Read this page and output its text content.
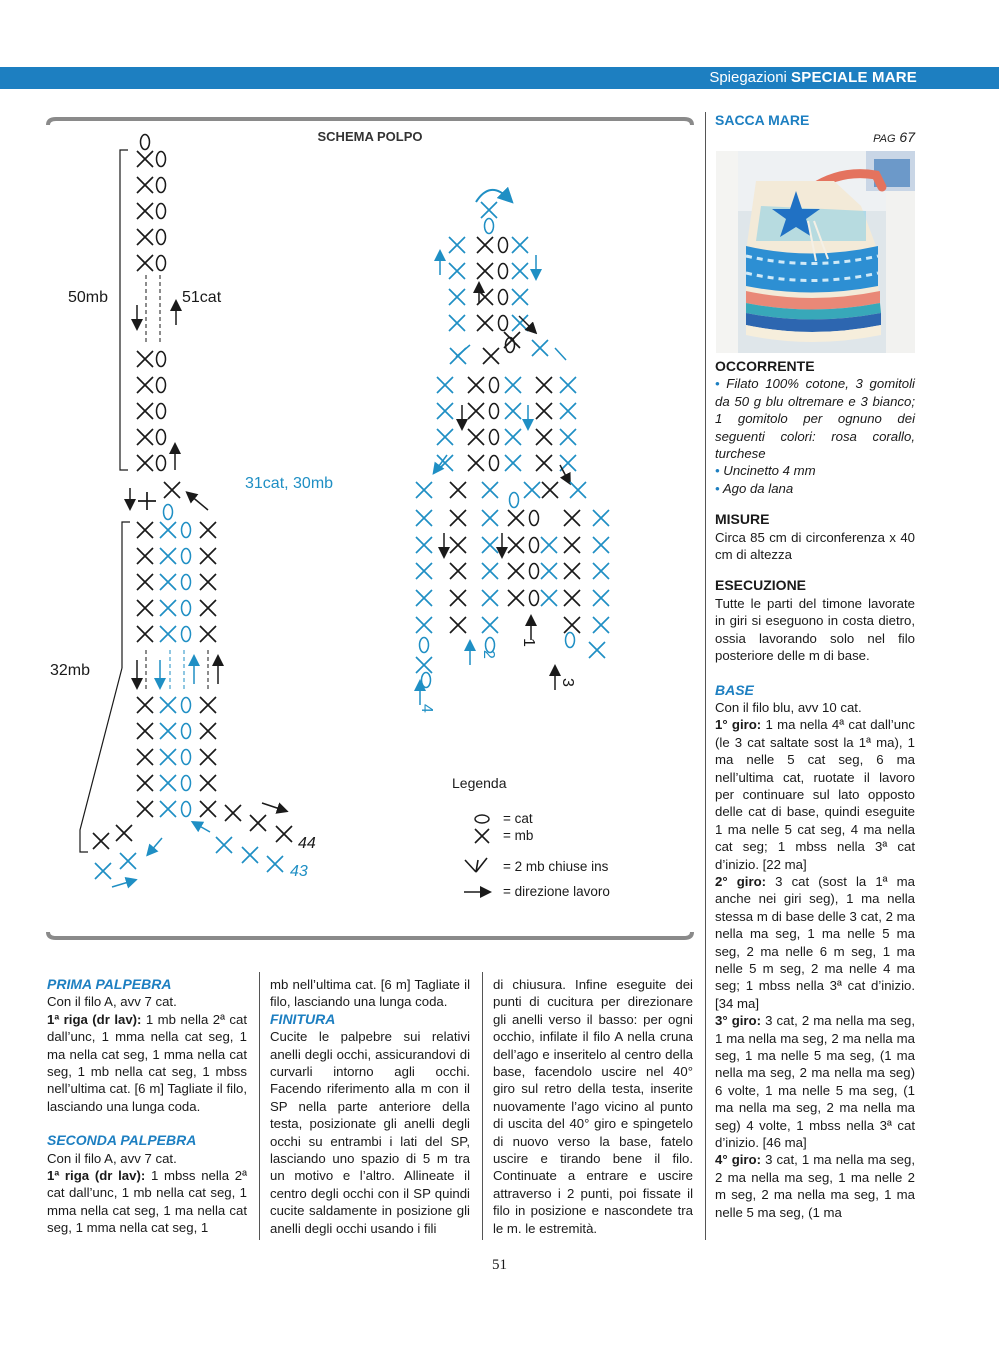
Spiegazioni SPECIALE MARE
SCHEMA POLPO
50mb	51cat
31cat, 30mb
32mb
44
43
1
2
3
4
Legenda
= cat
= mb
= 2 mb chiuse ins
= direzione lavoro

SACCA MARE

PAG 67

OCCORRENTE

• Filato 100% cotone, 3 gomitoli da 50 g blu oltremare e 3 bianco; 1 gomitolo per ognuno dei seguenti colori: rosa corallo, turchese

• Uncinetto 4 mm

• Ago da lana

MISURE

Circa 85 cm di circonferenza x 40 cm di altezza

ESECUZIONE

Tutte le parti del timone lavorate in giri si eseguono in costa dietro, ossia lavorando solo nel filo posteriore delle m di base.

BASE

Con il filo blu, avv 10 cat.

1° giro: 1 ma nella 4ª cat dall’unc (le 3 cat saltate sost la 1ª ma), 1 ma nelle 5 cat seg, 6 ma nell’ultima cat, ruotate il lavoro per continuare sul lato opposto delle cat di base, quindi eseguite 1 ma nelle 5 cat seg, 4 ma nella cat seg; 1 mbss nella 3ª cat d’inizio. [22 ma]

2° giro: 3 cat (sost la 1ª ma anche nei giri seg), 1 ma nella stessa m di base delle 3 cat, 2 ma nella ma seg, 1 ma nelle 5 ma seg, 2 ma nelle 6 m seg, 1 ma nelle 5 m seg, 2 ma nelle 4 ma seg; 1 mbss nella 3ª cat d’inizio. [34 ma]

3° giro: 3 cat, 2 ma nella ma seg, 1 ma nella ma seg, 2 ma nella ma seg, 1 ma nelle 5 ma seg, (1 ma nella ma seg, 2 ma nella ma seg) 6 volte, 1 ma nelle 5 ma seg, (1 ma nella ma seg, 2 ma nella ma seg) 4 volte, 1 mbss nella 3ª cat d’inizio. [46 ma]

4° giro: 3 cat, 1 ma nella ma seg, 2 ma nella ma seg, 1 ma nelle 2 m seg, 2 ma nella ma seg, 1 ma nelle 5 ma seg, (1 ma

PRIMA PALPEBRA

Con il filo A, avv 7 cat.

1ª riga (dr lav): 1 mb nella 2ª cat dall’unc, 1 mma nella cat seg, 1 ma nella cat seg, 1 mma nella cat seg, 1 mb nella cat seg, 1 mbss nell’ultima cat. [6 m] Tagliate il filo, lasciando una lunga coda.

SECONDA PALPEBRA

Con il filo A, avv 7 cat.

1ª riga (dr lav): 1 mbss nella 2ª cat dall’unc, 1 mb nella cat seg, 1 mma nella cat seg, 1 ma nella cat seg, 1 mma nella cat seg, 1

mb nell’ultima cat. [6 m] Tagliate il filo, lasciando una lunga coda.

FINITURA

Cucite le palpebre sui relativi anelli degli occhi, assicurandovi di curvarli intorno agli occhi. Facendo riferimento alla m con il SP nella parte anteriore della testa, posizionate gli anelli degli occhi su entrambi i lati del SP, lasciando uno spazio di 5 m tra un motivo e l’altro. Allineate il centro degli occhi con il SP quindi cucite saldamente in posizione gli anelli degli occhi usando i fili

di chiusura. Infine eseguite dei punti di cucitura per direzionare gli anelli verso il basso: per ogni occhio, infilate il filo A nella cruna dell’ago e inseritelo al centro della base, facendolo uscire nel 40° giro sul retro della testa, inserite nuovamente l’ago vicino al punto di uscita del 40° giro e spingetelo di nuovo verso la base, fatelo uscire e tirando bene il filo. Continuate a entrare e uscire attraverso i 2 punti, poi fissate il filo in posizione e nascondete tra le m. le estremità.

51
